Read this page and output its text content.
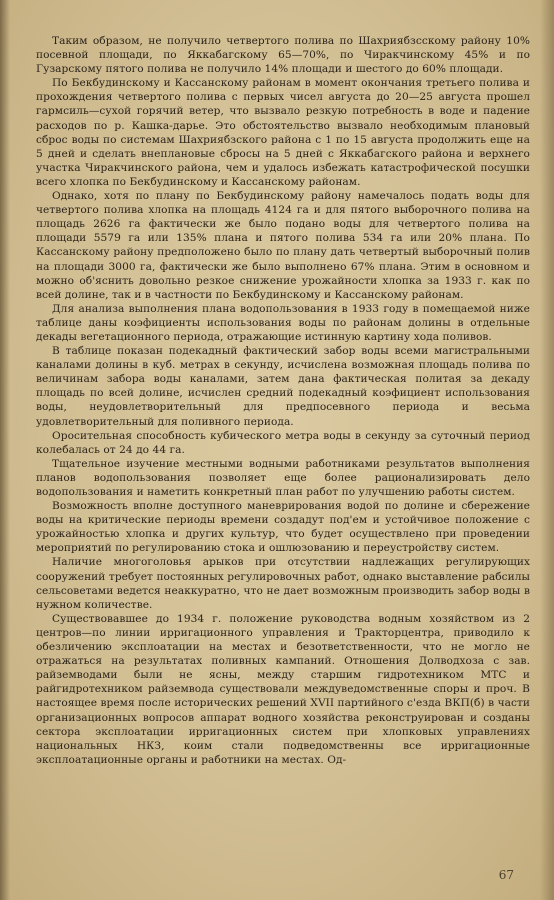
Таким образом, не получило четвертого полива по Шахриябзсскому району 10% посевной площади, по Яккабагскому 65—70%, по Чиракчинскому 45% и по Гузарскому пятого полива не получило 14% площади и шестого до 60% площади.

По Бекбудинскому и Кассанскому районам в момент окончания третьего полива и прохождения четвертого полива с первых чисел августа до 20—25 августа прошел гармсиль—сухой горячий ветер, что вызвало резкую потребность в воде и падение расходов по р. Кашка-дарье. Это обстоятельство вызвало необходимым плановый сброс воды по системам Шахриябзского района с 1 по 15 августа продолжить еще на 5 дней и сделать внеплановые сбросы на 5 дней с Яккабагского района и верхнего участка Чиракчинского района, чем и удалось избежать катастрофической посушки всего хлопка по Бекбудинскому и Кассанскому районам.

Однако, хотя по плану по Бекбудинскому району намечалось подать воды для четвертого полива хлопка на площадь 4124 га и для пятого выборочного полива на площадь 2626 га фактически же было подано воды для четвертого полива на площади 5579 га или 135% плана и пятого полива 534 га или 20% плана. По Кассанскому району предположено было по плану дать четвертый выборочный полив на площади 3000 га, фактически же было выполнено 67% плана. Этим в основном и можно об'яснить довольно резкое снижение урожайности хлопка за 1933 г. как по всей долине, так и в частности по Бекбудинскому и Кассанскому районам.

Для анализа выполнения плана водопользования в 1933 году в помещаемой ниже таблице даны коэфициенты использования воды по районам долины в отдельные декады вегетационного периода, отражающие истинную картину хода поливов.

В таблице показан подекадный фактический забор воды всеми магистральными каналами долины в куб. метрах в секунду, исчислена возможная площадь полива по величинам забора воды каналами, затем дана фактическая политая за декаду площадь по всей долине, исчислен средний подекадный коэфициент использования воды, неудовлетворительный для предпосевного периода и весьма удовлетворительный для поливного периода.

Оросительная способность кубического метра воды в секунду за суточный период колебалась от 24 до 44 га.

Тщательное изучение местными водными работниками результатов выполнения планов водопользования позволяет еще более рационализировать дело водопользования и наметить конкретный план работ по улучшению работы систем.

Возможность вполне доступного маневрирования водой по долине и сбережение воды на критические периоды времени создадут под'ем и устойчивое положение с урожайностью хлопка и других культур, что будет осуществлено при проведении мероприятий по регулированию стока и ошлюзованию и переустройству систем.

Наличие многоголовья арыков при отсутствии надлежащих регулирующих сооружений требует постоянных регулировочных работ, однако выставление рабсилы сельсоветами ведется неаккуратно, что не дает возможным производить забор воды в нужном количестве.

Существовавшее до 1934 г. положение руководства водным хозяйством из 2 центров—по линии ирригационного управления и Тракторцентра, приводило к обезличению эксплоатации на местах и безответственности, что не могло не отражаться на результатах поливных кампаний. Отношения Долводхоза с зав. райземводами были не ясны, между старшим гидротехником МТС и райгидротехником райземвода существовали междуведомственные споры и проч. В настоящее время после исторических решений XVII партийного с'езда ВКП(б) в части организационных вопросов аппарат водного хозяйства реконструирован и созданы сектора эксплоатации ирригационных систем при хлопковых управлениях национальных НКЗ, коим стали подведомственны все ирригационные эксплоатационные органы и работники на местах. Од-

67
